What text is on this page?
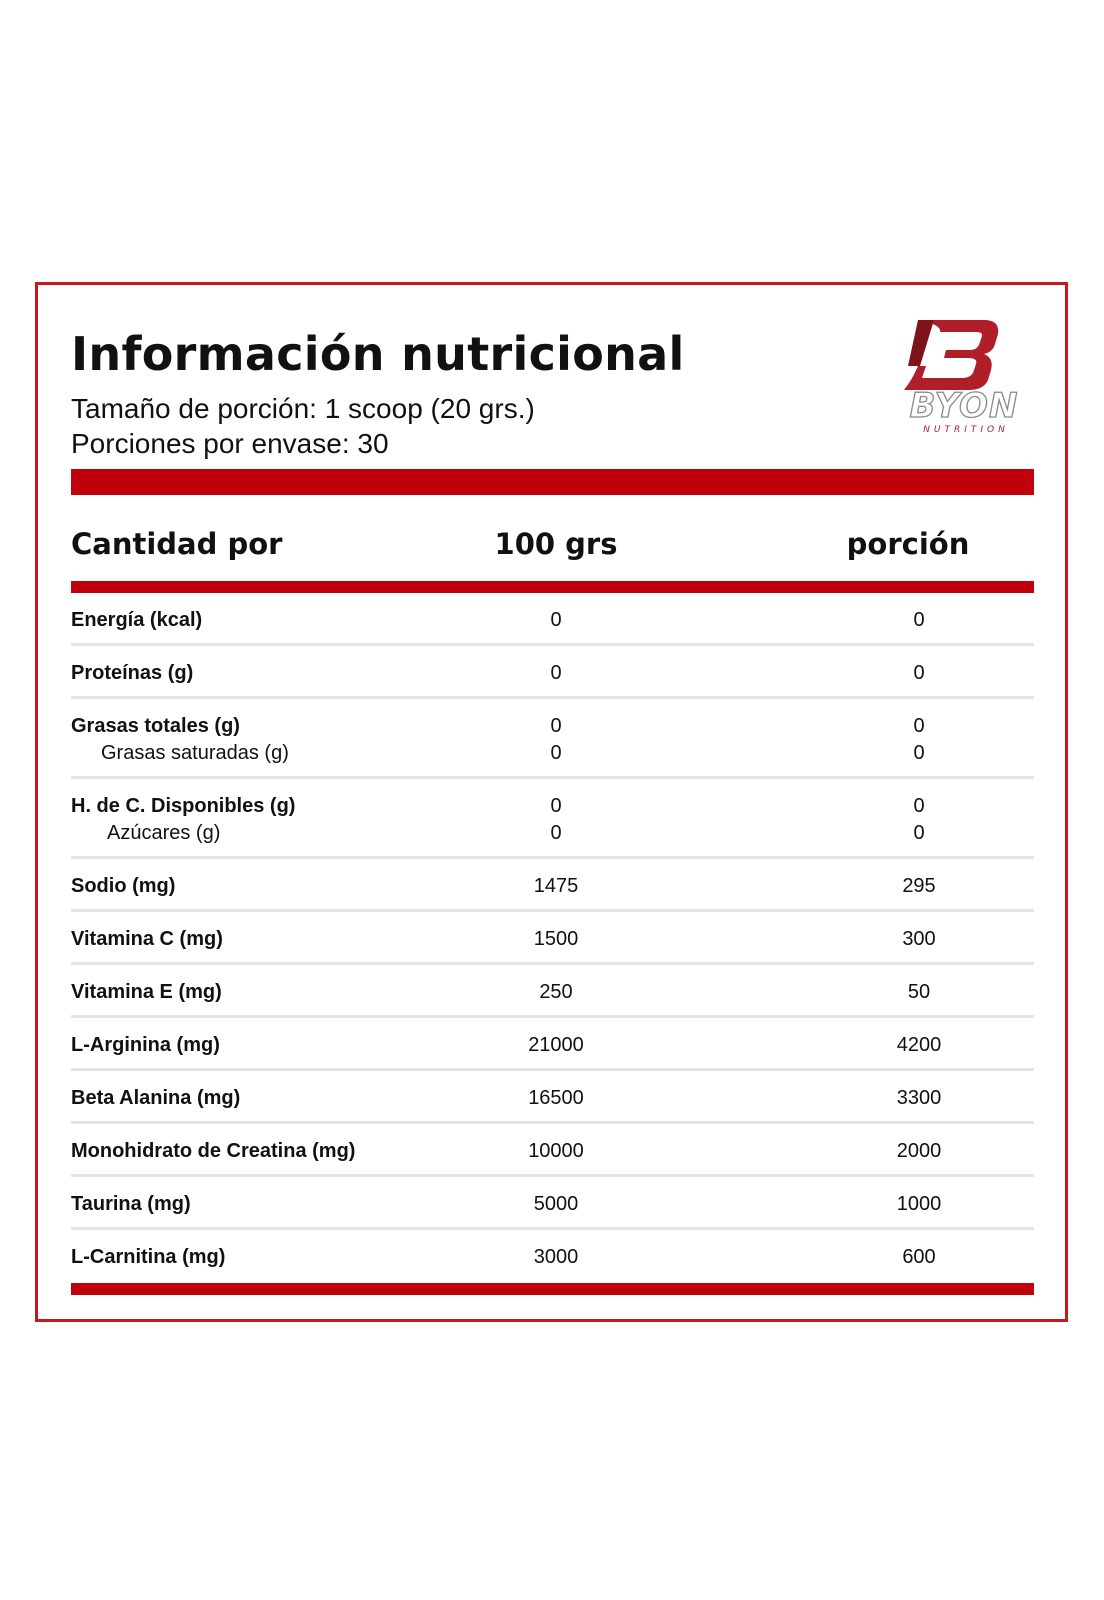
Información nutricional
Tamaño de porción: 1 scoop (20 grs.)
Porciones por envase: 30
BYON
NUTRITION
Cantidad por	100 grs	porción
Energía (kcal)	0	0
Proteínas (g)	0	0
Grasas totales (g)	0	0
Grasas saturadas (g)	0	0
H. de C. Disponibles (g)	0	0
Azúcares (g)	0	0
Sodio (mg)	1475	295
Vitamina C (mg)	1500	300
Vitamina E (mg)	250	50
L-Arginina (mg)	21000	4200
Beta Alanina (mg)	16500	3300
Monohidrato de Creatina (mg)	10000	2000
Taurina (mg)	5000	1000
L-Carnitina (mg)	3000	600
